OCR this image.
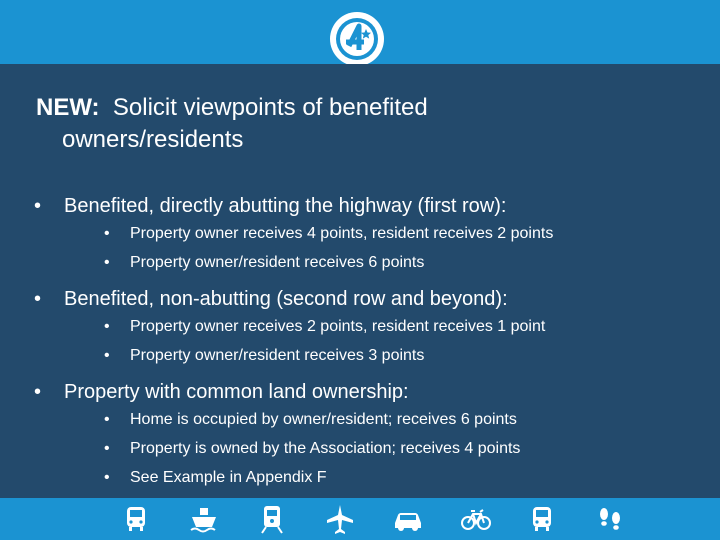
NEW: Solicit viewpoints of benefited
owners/residents
• Benefited, directly abutting the highway (first row):
• Property owner receives 4 points, resident receives 2 points
• Property owner/resident receives 6 points
• Benefited, non-abutting (second row and beyond):
• Property owner receives 2 points, resident receives 1 point
• Property owner/resident receives 3 points
• Property with common land ownership:
• Home is occupied by owner/resident; receives 6 points
• Property is owned by the Association; receives 4 points
• See Example in Appendix F
